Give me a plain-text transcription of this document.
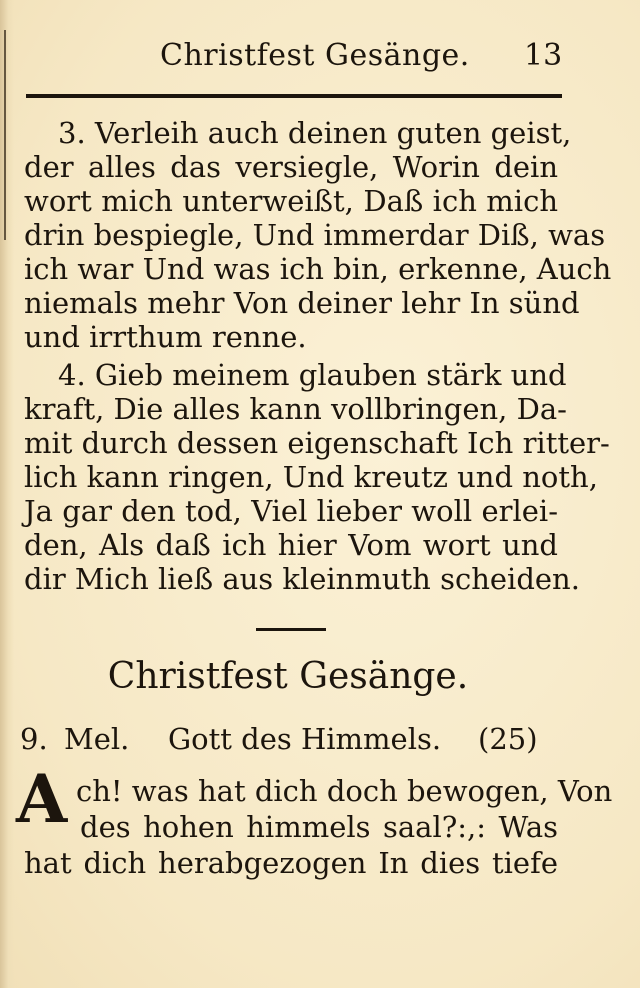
Christfest Gesänge. 13
3. Verleih auch deinen guten geist,
der alles das versiegle, Worin dein
wort mich unterweißt, Daß ich mich
drin bespiegle, Und immerdar Diß, was
ich war Und was ich bin, erkenne, Auch
niemals mehr Von deiner lehr In sünd
und irrthum renne.
4. Gieb meinem glauben stärk und
kraft, Die alles kann vollbringen, Da-
mit durch dessen eigenschaft Ich ritter-
lich kann ringen, Und kreutz und noth,
Ja gar den tod, Viel lieber woll erlei-
den, Als daß ich hier Vom wort und
dir Mich ließ aus kleinmuth scheiden.
Christfest Gesänge.
9. Mel. Gott des Himmels. (25)
A ch! was hat dich doch bewogen, Von
des hohen himmels saal?:,: Was
hat dich herabgezogen In dies tiefe
